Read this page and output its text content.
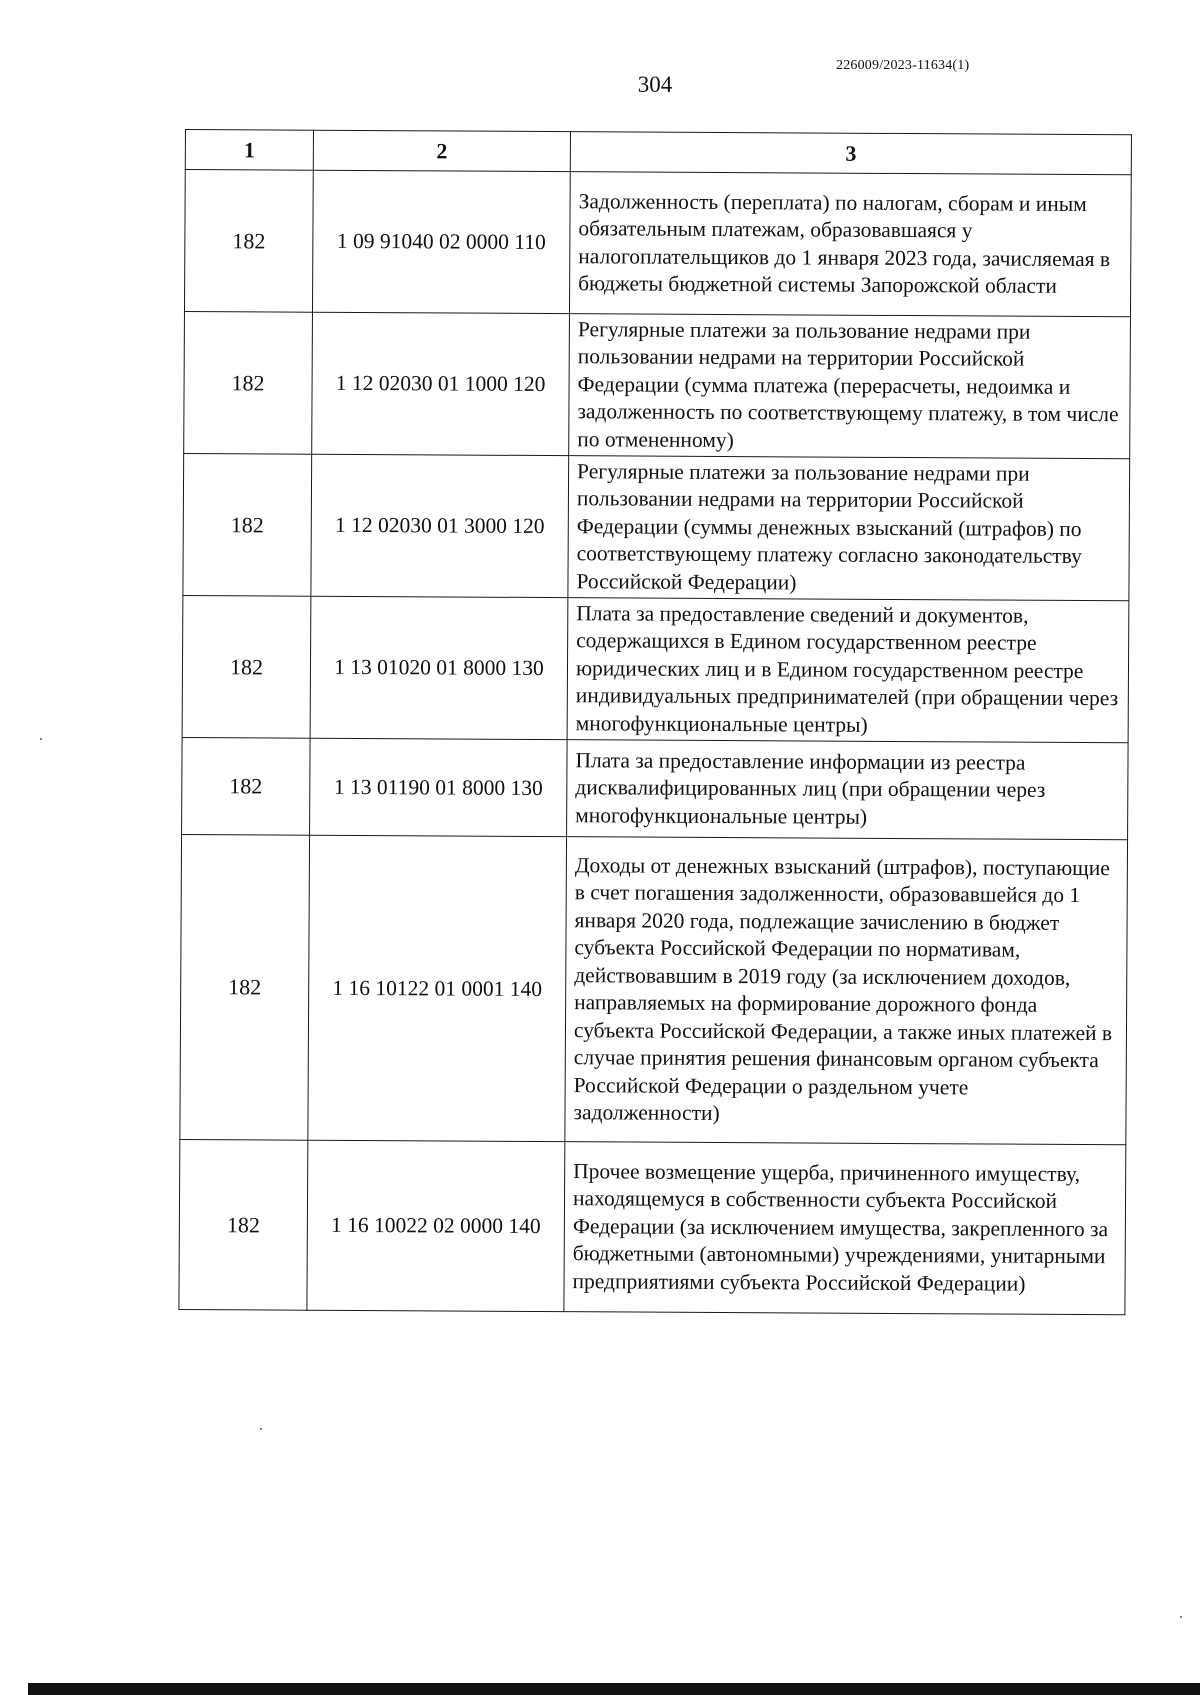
226009/2023-11634(1)
304
1	2	3
182	1 09 91040 02 0000 110	Задолженность (переплата) по налогам, сборам и иным обязательным платежам, образовавшаяся у налогоплательщиков до 1 января 2023 года, зачисляемая в бюджеты бюджетной системы Запорожской области
182	1 12 02030 01 1000 120	Регулярные платежи за пользование недрами при пользовании недрами на территории Российской Федерации (сумма платежа (перерасчеты, недоимка и задолженность по соответствующему платежу, в том числе по отмененному)
182	1 12 02030 01 3000 120	Регулярные платежи за пользование недрами при пользовании недрами на территории Российской Федерации (суммы денежных взысканий (штрафов) по соответствующему платежу согласно законодательству Российской Федерации)
182	1 13 01020 01 8000 130	Плата за предоставление сведений и документов, содержащихся в Едином государственном реестре юридических лиц и в Едином государственном реестре индивидуальных предпринимателей (при обращении через многофункциональные центры)
182	1 13 01190 01 8000 130	Плата за предоставление информации из реестра дисквалифицированных лиц (при обращении через многофункциональные центры)
182	1 16 10122 01 0001 140	Доходы от денежных взысканий (штрафов), поступающие в счет погашения задолженности, образовавшейся до 1 января 2020 года, подлежащие зачислению в бюджет субъекта Российской Федерации по нормативам, действовавшим в 2019 году (за исключением доходов, направляемых на формирование дорожного фонда субъекта Российской Федерации, а также иных платежей в случае принятия решения финансовым органом субъекта Российской Федерации о раздельном учете задолженности)
182	1 16 10022 02 0000 140	Прочее возмещение ущерба, причиненного имуществу, находящемуся в собственности субъекта Российской Федерации (за исключением имущества, закрепленного за бюджетными (автономными) учреждениями, унитарными предприятиями субъекта Российской Федерации)
